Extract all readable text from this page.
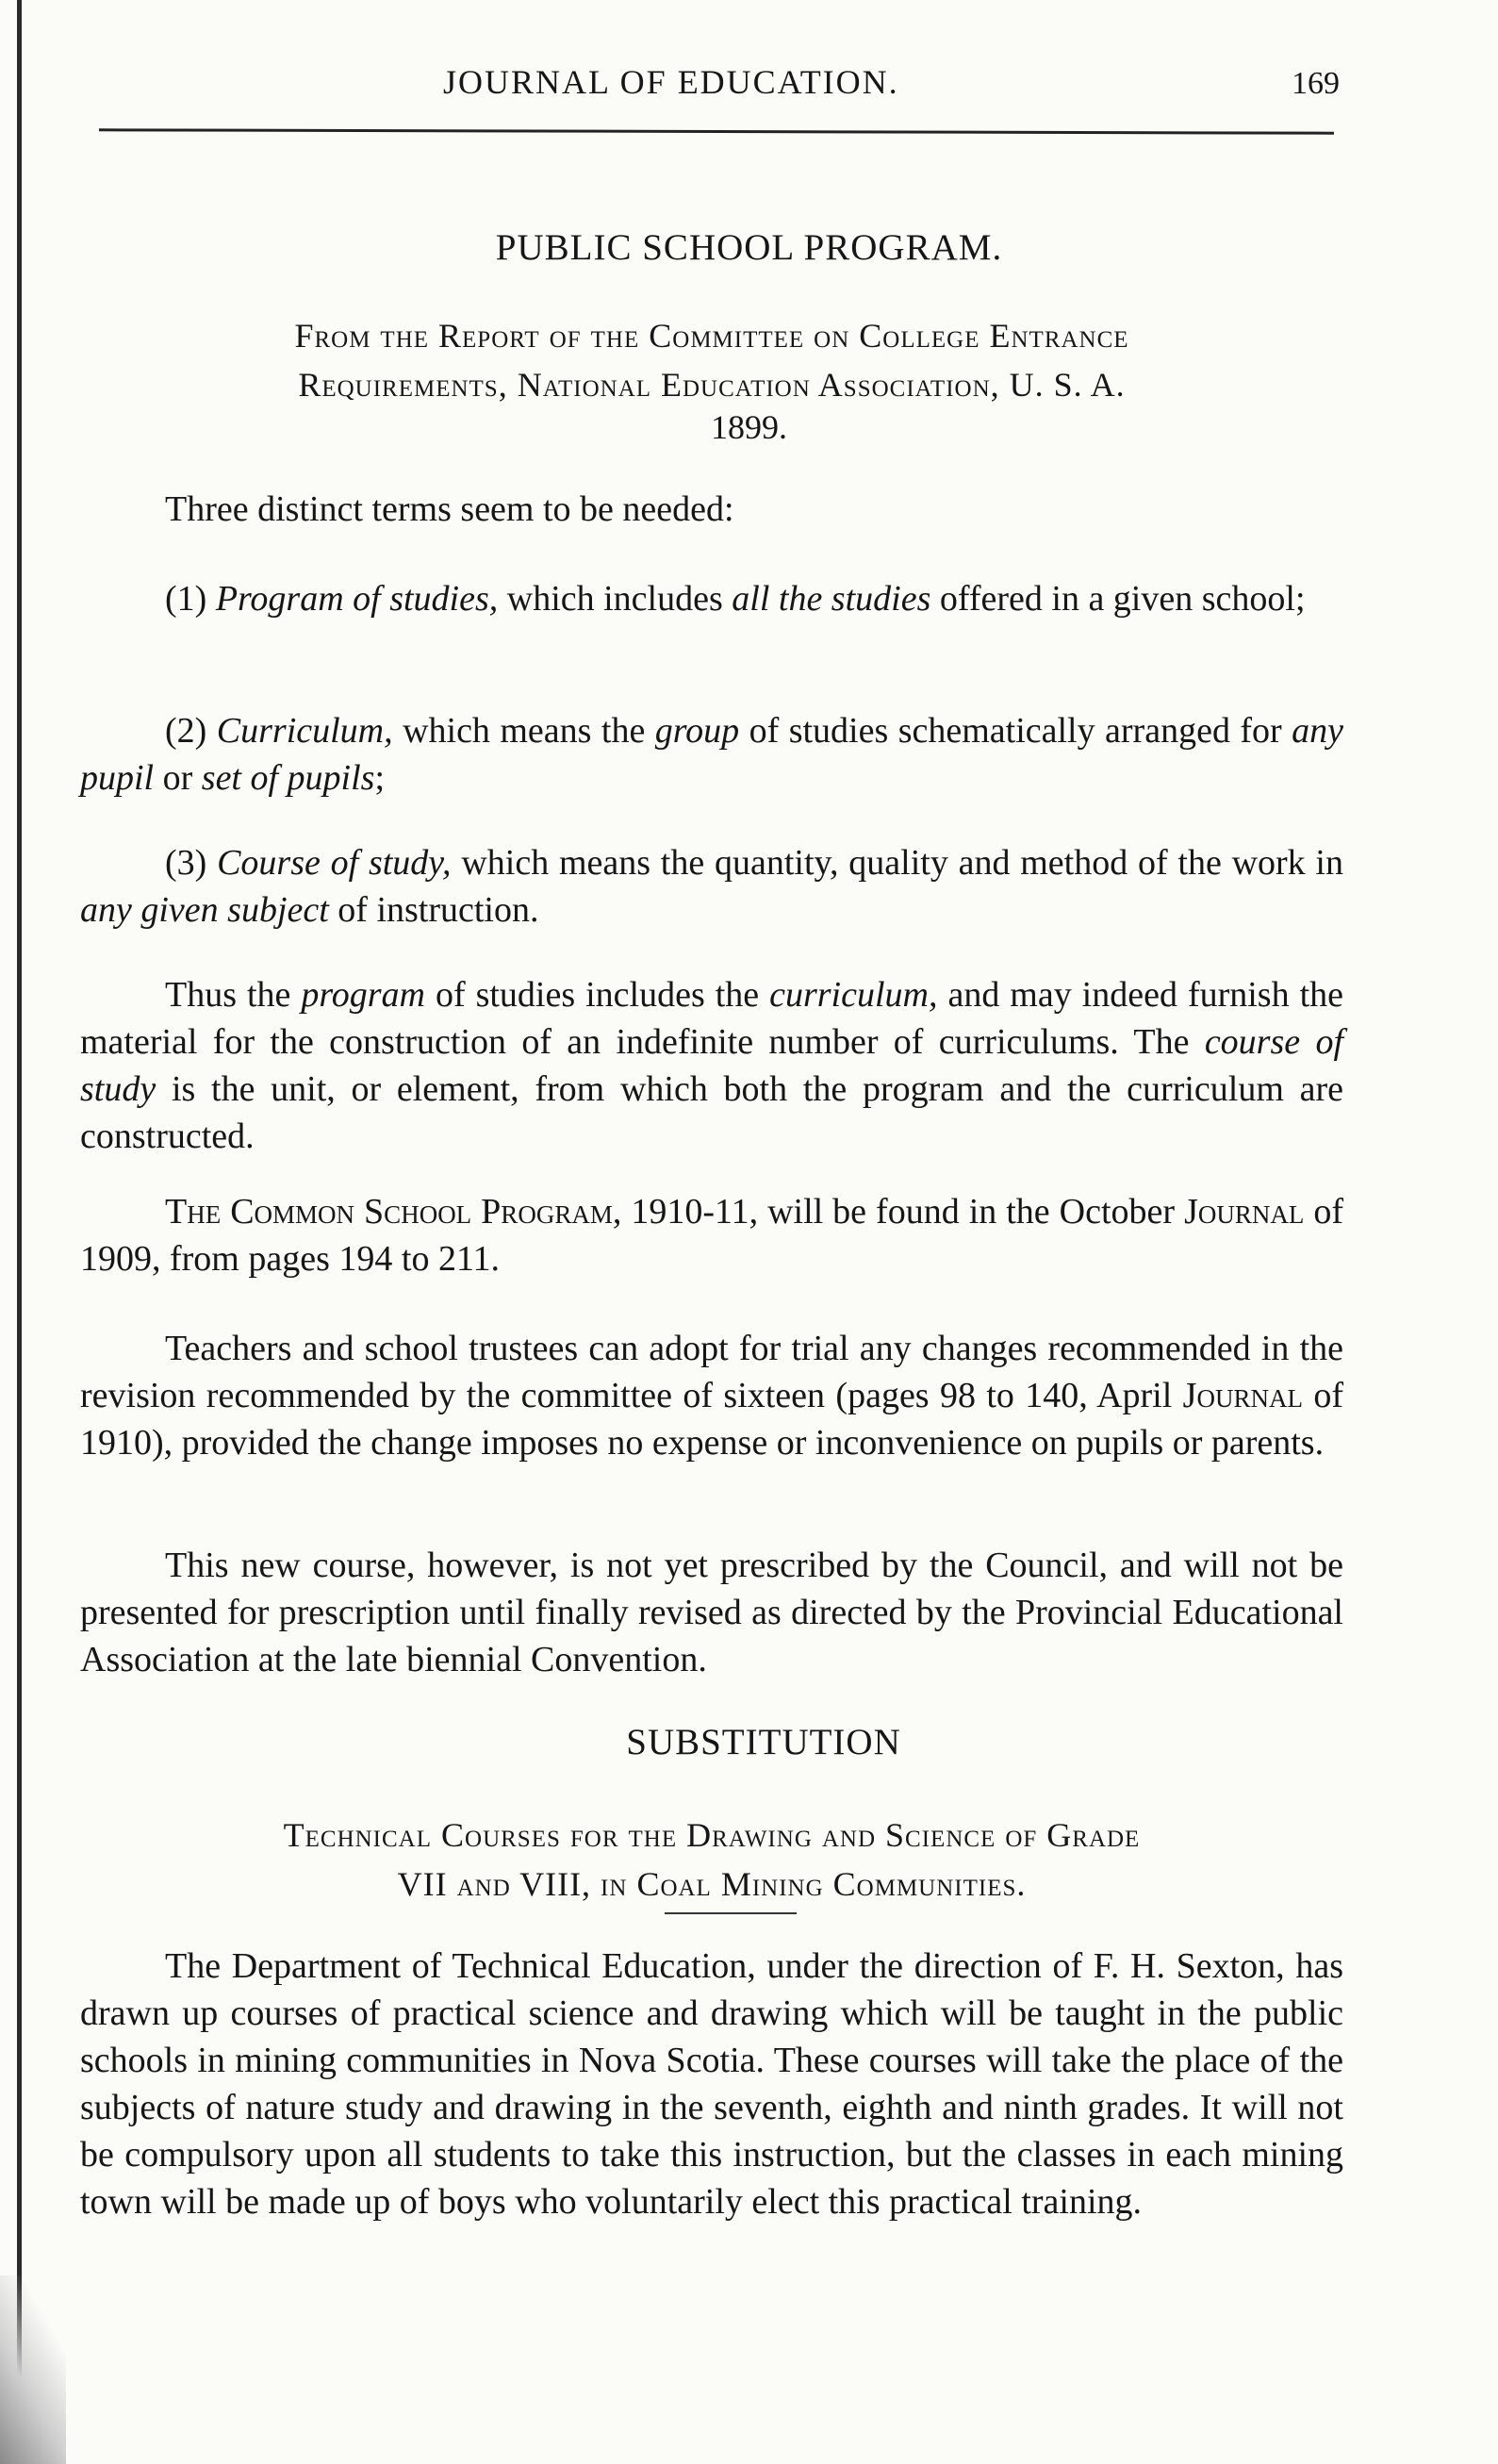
JOURNAL OF EDUCATION.	169
PUBLIC SCHOOL PROGRAM.
From the Report of the Committee on College Entrance
Requirements, National Education Association, U. S. A.
1899.
Three distinct terms seem to be needed:
(1) Program of studies, which includes all the studies offered in a given school;
(2) Curriculum, which means the group of studies schematically arranged for any pupil or set of pupils;
(3) Course of study, which means the quantity, quality and method of the work in any given subject of instruction.
Thus the program of studies includes the curriculum, and may indeed furnish the material for the construction of an indefinite number of curriculums. The course of study is the unit, or element, from which both the program and the curriculum are constructed.
The Common School Program, 1910-11, will be found in the October Journal of 1909, from pages 194 to 211.
Teachers and school trustees can adopt for trial any changes recommended in the revision recommended by the committee of sixteen (pages 98 to 140, April Journal of 1910), provided the change imposes no expense or inconvenience on pupils or parents.
This new course, however, is not yet prescribed by the Council, and will not be presented for prescription until finally revised as directed by the Provincial Educational Association at the late biennial Convention.
SUBSTITUTION
Technical Courses for the Drawing and Science of Grade
VII and VIII, in Coal Mining Communities.
The Department of Technical Education, under the direction of F. H. Sexton, has drawn up courses of practical science and drawing which will be taught in the public schools in mining communities in Nova Scotia. These courses will take the place of the subjects of nature study and drawing in the seventh, eighth and ninth grades. It will not be compulsory upon all students to take this instruction, but the classes in each mining town will be made up of boys who voluntarily elect this practical training.
